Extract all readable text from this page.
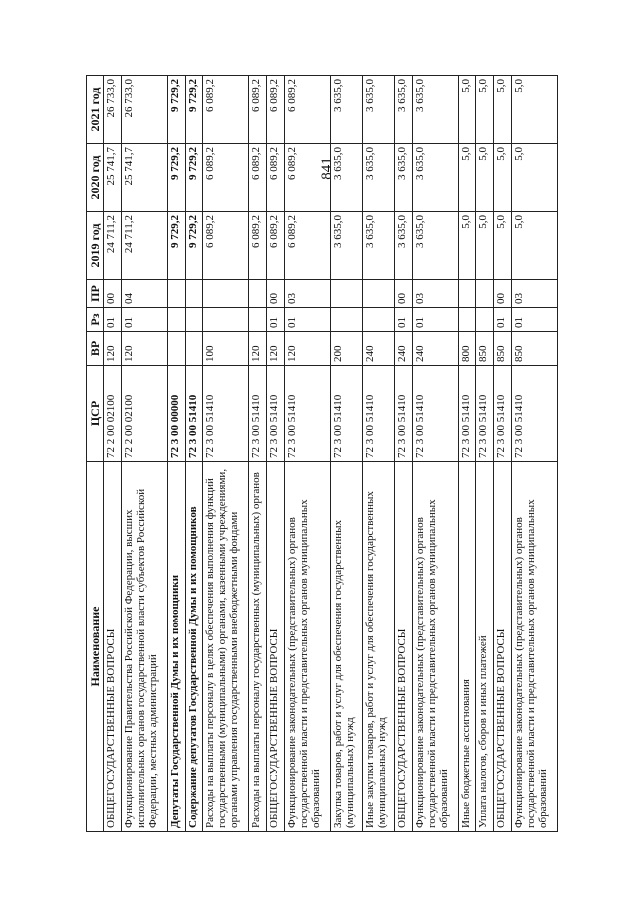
841
Наименование	ЦСР	ВР	Рз	ПР	2019 год	2020 год	2021 год
ОБЩЕГОСУДАРСТВЕННЫЕ ВОПРОСЫ	72 2 00 02100	120	01	00	24 711,2	25 741,7	26 733,0
Функционирование Правительства Российской Федерации, высших исполнительных органов государственной власти субъектов Российской Федерации, местных администраций	72 2 00 02100	120	01	04	24 711,2	25 741,7	26 733,0
Депутаты Государственной Думы и их помощники	72 3 00 00000				9 729,2	9 729,2	9 729,2
Содержание депутатов Государственной Думы и их помощников	72 3 00 51410				9 729,2	9 729,2	9 729,2
Расходы на выплаты персоналу в целях обеспечения выполнения функций государственными (муниципальными) органами, казенными учреждениями, органами управления государственными внебюджетными фондами	72 3 00 51410	100			6 089,2	6 089,2	6 089,2
Расходы на выплаты персоналу государственных (муниципальных) органов	72 3 00 51410	120			6 089,2	6 089,2	6 089,2
ОБЩЕГОСУДАРСТВЕННЫЕ ВОПРОСЫ	72 3 00 51410	120	01	00	6 089,2	6 089,2	6 089,2
Функционирование законодательных (представительных) органов государственной власти и представительных органов муниципальных образований	72 3 00 51410	120	01	03	6 089,2	6 089,2	6 089,2
Закупка товаров, работ и услуг для обеспечения государственных (муниципальных) нужд	72 3 00 51410	200			3 635,0	3 635,0	3 635,0
Иные закупки товаров, работ и услуг для обеспечения государственных (муниципальных) нужд	72 3 00 51410	240			3 635,0	3 635,0	3 635,0
ОБЩЕГОСУДАРСТВЕННЫЕ ВОПРОСЫ	72 3 00 51410	240	01	00	3 635,0	3 635,0	3 635,0
Функционирование законодательных (представительных) органов государственной власти и представительных органов муниципальных образований	72 3 00 51410	240	01	03	3 635,0	3 635,0	3 635,0
Иные бюджетные ассигнования	72 3 00 51410	800			5,0	5,0	5,0
Уплата налогов, сборов и иных платежей	72 3 00 51410	850			5,0	5,0	5,0
ОБЩЕГОСУДАРСТВЕННЫЕ ВОПРОСЫ	72 3 00 51410	850	01	00	5,0	5,0	5,0
Функционирование законодательных (представительных) органов государственной власти и представительных органов муниципальных образований	72 3 00 51410	850	01	03	5,0	5,0	5,0
